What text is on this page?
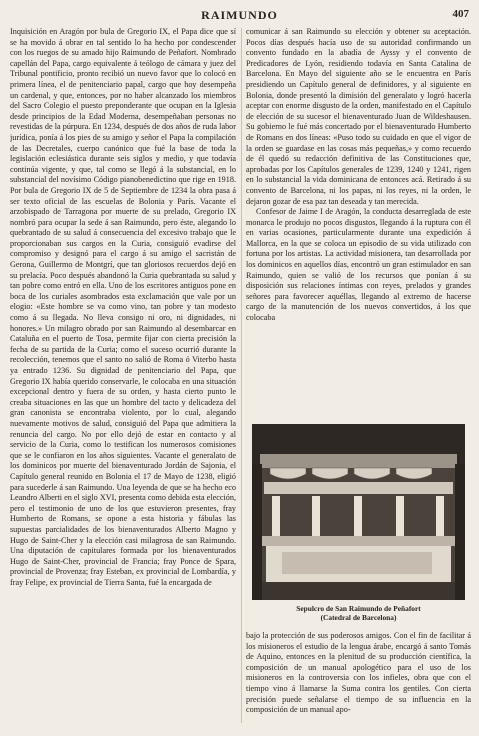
RAIMUNDO	407

Inquisición en Aragón por bula de Gregorio IX, el Papa dice que sí se ha movido á obrar en tal sentido lo ha hecho por condescender con los ruegos de su amado hijo Raimundo de Peñafort. Nombrado capellán del Papa, cargo equivalente á teólogo de cámara y juez del Tribunal pontificio, pronto recibió un nuevo favor que lo colocó en primera línea, el de penitenciario papal, cargo que hoy desempeña un cardenal, y que, entonces, por no haber alcanzado los miembros del Sacro Colegio el puesto preponderante que ocupan en la Iglesia desde principios de la Edad Moderna, desempeñaban personas no revestidas de la púrpura. En 1234, después de dos años de ruda labor jurídica, ponía á los pies de su amigo y señor el Papa la compilación de las Decretales, cuerpo canónico que fué la base de toda la legislación eclesiástica durante seis siglos y medio, y que todavía continúa vigente, y que, tal como se llegó á la substancial, en lo substancial del novísimo Código pianobenedictino que rige en 1918. Por bula de Gregorio IX de 5 de Septiembre de 1234 la obra pasa á ser texto oficial de las escuelas de Bolonia y París. Vacante el arzobispado de Tarragona por muerte de su prelado, Gregorio IX nombró para ocupar la sede á san Raimundo, pero éste, alegando lo quebrantado de su salud á consecuencia del excesivo trabajo que le proporcionaban sus cargos en la Curia, consiguió evadirse del compromiso y designó para el cargo á su amigo el sacristán de Gerona, Guillermo de Montgrí, que tan gloriosos recuerdos dejó en su prelacía. Poco después abandonó la Curia quebrantada su salud y tan pobre como entró en ella. Uno de los escritores antiguos pone en boca de los curiales asombrados esta exclamación que vale por un elogio: «Este hombre se va como vino, tan pobre y tan modesto como á su llegada. No lleva consigo ni oro, ni dignidades, ni honores.» Un milagro obrado por san Raimundo al desembarcar en Cataluña en el puerto de Tosa, permite fijar con cierta precisión la fecha de su partida de la Curia; como el suceso ocurrió durante la recolección, tenemos que el santo no salió de Roma ó Viterbo hasta ya entrado 1236. Su dignidad de penitenciario del Papa, que Gregorio IX había querido conservarle, le colocaba en una situación excepcional dentro y fuera de su orden, y hasta cierto punto le creaba situaciones en las que un hombre del tacto y delicadeza del gran canonista se encontraba violento, por lo cual, alegando nuevamente motivos de salud, consiguió del Papa que admitiera la renuncia del cargo. No por ello dejó de estar en contacto y al servicio de la Curia, como lo testifican los numerosos comisiones que se le confiaron en los años siguientes. Vacante el generalato de los dominicos por muerte del bienaventurado Jordán de Sajonia, el Capítulo general reunido en Bolonia el 17 de Mayo de 1238, eligió para sucederle á san Raimundo. Una leyenda de que se ha hecho eco Leandro Alberti en el siglo XVI, presenta como debida esta elección, pero el testimonio de uno de los que estuvieron presentes, fray Humberto de Romans, se opone a esta historia y fábulas las supuestas parcialidades de los bienaventurados Alberto Magno y Hugo de Saint-Cher y la elección casi milagrosa de san Raimundo. Una diputación de capitulares formada por los bienaventurados Hugo de Saint-Cher, provincial de Francia; fray Ponce de Spara, provincial de Provenza; fray Esteban, ex provincial de Lombardía, y fray Felipe, ex provincial de Tierra Santa, fué la encargada de

comunicar á san Raimundo su elección y obtener su aceptación. Pocos días después hacía uso de su autoridad confirmando un convento fundado en la abadía de Ayssy y el convento de Predicadores de Lyón, residiendo todavía en Santa Catalina de Barcelona. En Mayo del siguiente año se le encuentra en París presidiendo un Capítulo general de definidores, y al siguiente en Bolonia, donde presentó la dimisión del generalato y logró hacerla aceptar con enorme disgusto de la orden, manifestado en el Capítulo de elección de su sucesor el bienaventurado Juan de Wildeshausen. Su gobierno le fué más concertado por el bienaventurado Humberto de Romans en dos líneas: «Puso todo su cuidado en que el vigor de la orden se guardase en las cosas más pequeñas,» y como recuerdo de él quedó su redacción definitiva de las Constituciones que, aprobadas por los Capítulos generales de 1239, 1240 y 1241, rigen en lo substancial la vida dominicana de entonces acá. Retirado á su convento de Barcelona, ni los papas, ni los reyes, ni la orden, le dejaron gozar de esa paz tan deseada y tan merecida.

Confesor de Jaime I de Aragón, la conducta desarreglada de este monarca le produjo no pocos disgustos, llegando á la ruptura con él en varias ocasiones, particularmente durante una expedición á Mallorca, en la que se coloca un episodio de su vida utilizado con fortuna por los artistas. La actividad misionera, tan desarrollada por los dominicos en aquellos días, encontró un gran estimulador en san Raimundo, quien se valió de los recursos que ponían á su disposición sus relaciones íntimas con reyes, prelados y grandes señores para favorecer aquéllas, llegando al extremo de hacerse cargo de la manutención de los nuevos convertidos, á los que colocaba

Sepulcro de San Raimundo de Peñafort
(Catedral de Barcelona)

bajo la protección de sus poderosos amigos. Con el fin de facilitar á los misioneros el estudio de la lengua árabe, encargó á santo Tomás de Aquino, entonces en la plenitud de su producción científica, la composición de un manual apologético para el uso de los misioneros en la controversia con los infieles, obra que con el tiempo vino á llamarse la Suma contra los gentiles. Con cierta precisión puede señalarse el tiempo de su influencia en la composición de un manual apo-
